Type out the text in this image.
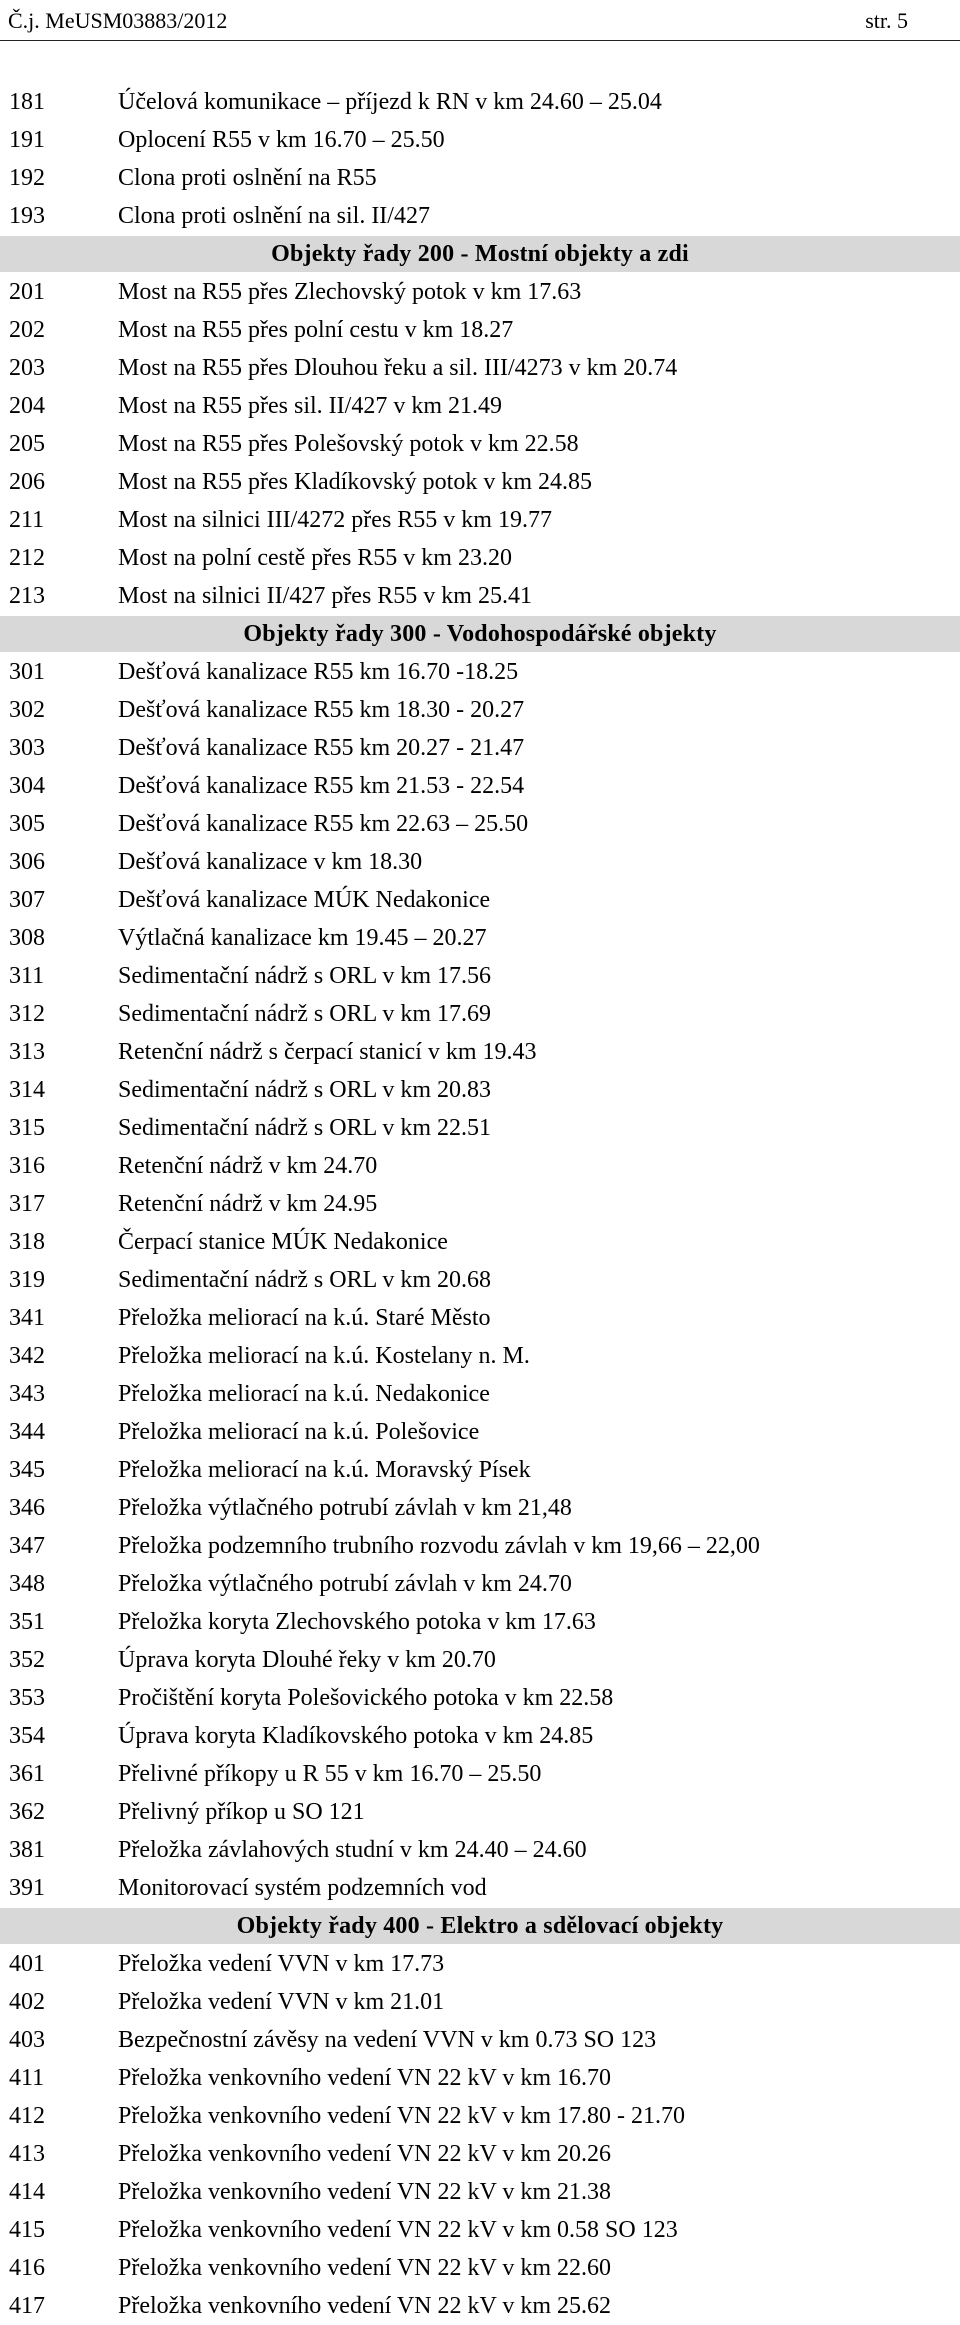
Č.j. MeUSM03883/2012	str. 5
181	Účelová komunikace – příjezd k RN v km 24.60 – 25.04
191	Oplocení R55 v km 16.70 – 25.50
192	Clona proti oslnění na R55
193	Clona proti oslnění na sil. II/427
Objekty řady 200 - Mostní objekty a zdi
201	Most na R55 přes Zlechovský potok v km 17.63
202	Most na R55 přes polní cestu v km 18.27
203	Most na R55 přes Dlouhou řeku a sil. III/4273 v km 20.74
204	Most na R55 přes sil. II/427 v km 21.49
205	Most na R55 přes Polešovský potok v km 22.58
206	Most na R55 přes Kladíkovský potok v km 24.85
211	Most na silnici III/4272 přes R55 v km 19.77
212	Most na polní cestě přes R55 v km 23.20
213	Most na silnici II/427 přes R55 v km 25.41
Objekty řady 300 - Vodohospodářské objekty
301	Dešťová kanalizace R55 km 16.70 -18.25
302	Dešťová kanalizace R55 km 18.30 - 20.27
303	Dešťová kanalizace R55 km 20.27 - 21.47
304	Dešťová kanalizace R55 km 21.53 - 22.54
305	Dešťová kanalizace R55 km 22.63 – 25.50
306	Dešťová kanalizace v km 18.30
307	Dešťová kanalizace MÚK Nedakonice
308	Výtlačná kanalizace km 19.45 – 20.27
311	Sedimentační nádrž s ORL v km 17.56
312	Sedimentační nádrž s ORL v km 17.69
313	Retenční nádrž s čerpací stanicí v km 19.43
314	Sedimentační nádrž s ORL v km 20.83
315	Sedimentační nádrž s ORL v km 22.51
316	Retenční nádrž v km 24.70
317	Retenční nádrž v km 24.95
318	Čerpací stanice MÚK Nedakonice
319	Sedimentační nádrž s ORL v km 20.68
341	Přeložka meliorací na k.ú. Staré Město
342	Přeložka meliorací na k.ú. Kostelany n. M.
343	Přeložka meliorací na k.ú. Nedakonice
344	Přeložka meliorací na k.ú. Polešovice
345	Přeložka meliorací na k.ú. Moravský Písek
346	Přeložka výtlačného potrubí závlah v km 21,48
347	Přeložka podzemního trubního rozvodu závlah v km 19,66 – 22,00
348	Přeložka výtlačného potrubí závlah v km 24.70
351	Přeložka koryta Zlechovského potoka v km 17.63
352	Úprava koryta Dlouhé řeky v km 20.70
353	Pročištění koryta Polešovického potoka v km 22.58
354	Úprava koryta Kladíkovského potoka v km 24.85
361	Přelivné příkopy u R 55 v km 16.70 – 25.50
362	Přelivný příkop u SO 121
381	Přeložka závlahových studní v km 24.40 – 24.60
391	Monitorovací systém podzemních vod
Objekty řady 400 - Elektro a sdělovací objekty
401	Přeložka vedení VVN v km 17.73
402	Přeložka vedení VVN v km 21.01
403	Bezpečnostní závěsy na vedení VVN v km 0.73 SO 123
411	Přeložka venkovního vedení VN 22 kV v km 16.70
412	Přeložka venkovního vedení VN 22 kV v km 17.80 - 21.70
413	Přeložka venkovního vedení VN 22 kV v km 20.26
414	Přeložka venkovního vedení VN 22 kV v km 21.38
415	Přeložka venkovního vedení VN 22 kV v km 0.58 SO 123
416	Přeložka venkovního vedení VN 22 kV v km 22.60
417	Přeložka venkovního vedení VN 22 kV v km 25.62
